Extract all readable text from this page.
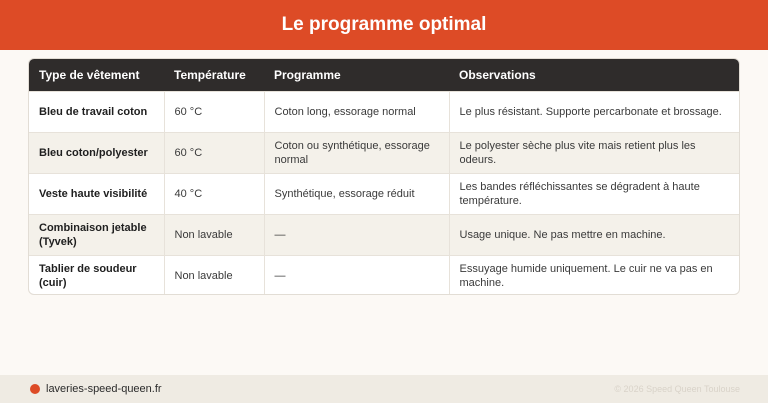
Le programme optimal
Type de vêtement	Température	Programme	Observations
Bleu de travail coton	60 °C	Coton long, essorage normal	Le plus résistant. Supporte percarbonate et brossage.
Bleu coton/polyester	60 °C	Coton ou synthétique, essorage normal	Le polyester sèche plus vite mais retient plus les odeurs.
Veste haute visibilité	40 °C	Synthétique, essorage réduit	Les bandes réfléchissantes se dégradent à haute température.
Combinaison jetable (Tyvek)	Non lavable	—	Usage unique. Ne pas mettre en machine.
Tablier de soudeur (cuir)	Non lavable	—	Essuyage humide uniquement. Le cuir ne va pas en machine.
laveries-speed-queen.fr	© 2026 Speed Queen Toulouse
